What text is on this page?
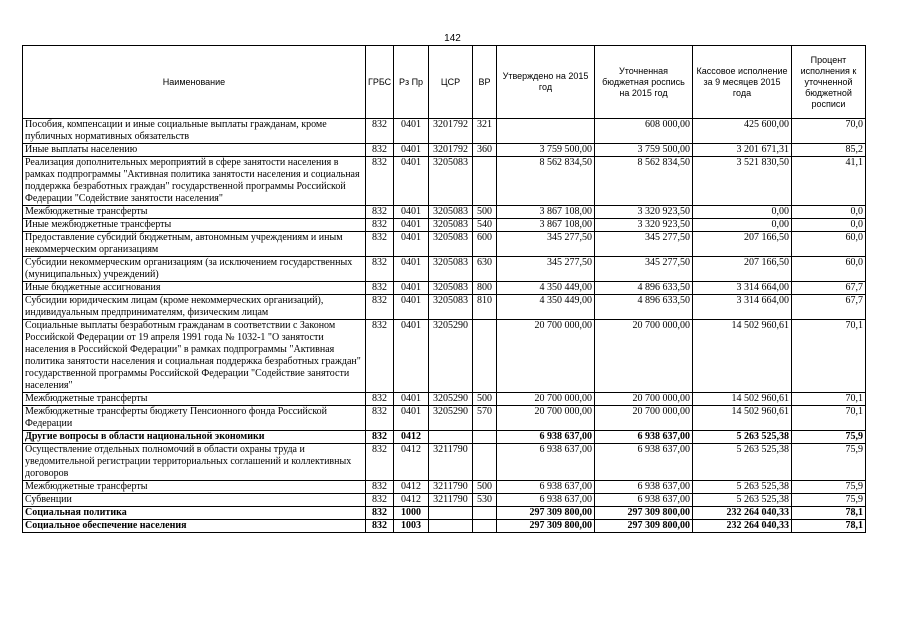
142
Наименование	ГРБС	Рз Пр	ЦСР	ВР	Утверждено на 2015 год	Уточненная бюджетная роспись на 2015 год	Кассовое исполнение за 9 месяцев 2015 года	Процент исполнения к уточненной бюджетной росписи
Пособия, компенсации и иные социальные выплаты гражданам, кроме публичных нормативных обязательств	832	0401	3201792	321		608 000,00	425 600,00	70,0
Иные выплаты населению	832	0401	3201792	360	3 759 500,00	3 759 500,00	3 201 671,31	85,2
Реализация дополнительных мероприятий в сфере занятости населения в рамках подпрограммы "Активная политика занятости населения и социальная поддержка безработных граждан" государственной программы Российской Федерации "Содействие занятости населения"	832	0401	3205083		8 562 834,50	8 562 834,50	3 521 830,50	41,1
Межбюджетные трансферты	832	0401	3205083	500	3 867 108,00	3 320 923,50	0,00	0,0
Иные межбюджетные трансферты	832	0401	3205083	540	3 867 108,00	3 320 923,50	0,00	0,0
Предоставление субсидий бюджетным, автономным учреждениям и иным некоммерческим организациям	832	0401	3205083	600	345 277,50	345 277,50	207 166,50	60,0
Субсидии некоммерческим организациям (за исключением государственных (муниципальных) учреждений)	832	0401	3205083	630	345 277,50	345 277,50	207 166,50	60,0
Иные бюджетные ассигнования	832	0401	3205083	800	4 350 449,00	4 896 633,50	3 314 664,00	67,7
Субсидии юридическим лицам (кроме некоммерческих организаций), индивидуальным предпринимателям, физическим лицам	832	0401	3205083	810	4 350 449,00	4 896 633,50	3 314 664,00	67,7
Социальные выплаты безработным гражданам в соответствии с Законом Российской Федерации от 19 апреля 1991 года № 1032-1 "О занятости населения в Российской Федерации" в рамках подпрограммы "Активная политика занятости населения и социальная поддержка безработных граждан" государственной программы Российской Федерации "Содействие занятости населения"	832	0401	3205290		20 700 000,00	20 700 000,00	14 502 960,61	70,1
Межбюджетные трансферты	832	0401	3205290	500	20 700 000,00	20 700 000,00	14 502 960,61	70,1
Межбюджетные трансферты бюджету Пенсионного фонда Российской Федерации	832	0401	3205290	570	20 700 000,00	20 700 000,00	14 502 960,61	70,1
Другие вопросы в области национальной экономики	832	0412			6 938 637,00	6 938 637,00	5 263 525,38	75,9
Осуществление отдельных полномочий в области охраны труда и уведомительной регистрации территориальных соглашений и коллективных договоров	832	0412	3211790		6 938 637,00	6 938 637,00	5 263 525,38	75,9
Межбюджетные трансферты	832	0412	3211790	500	6 938 637,00	6 938 637,00	5 263 525,38	75,9
Субвенции	832	0412	3211790	530	6 938 637,00	6 938 637,00	5 263 525,38	75,9
Социальная политика	832	1000			297 309 800,00	297 309 800,00	232 264 040,33	78,1
Социальное обеспечение населения	832	1003			297 309 800,00	297 309 800,00	232 264 040,33	78,1
